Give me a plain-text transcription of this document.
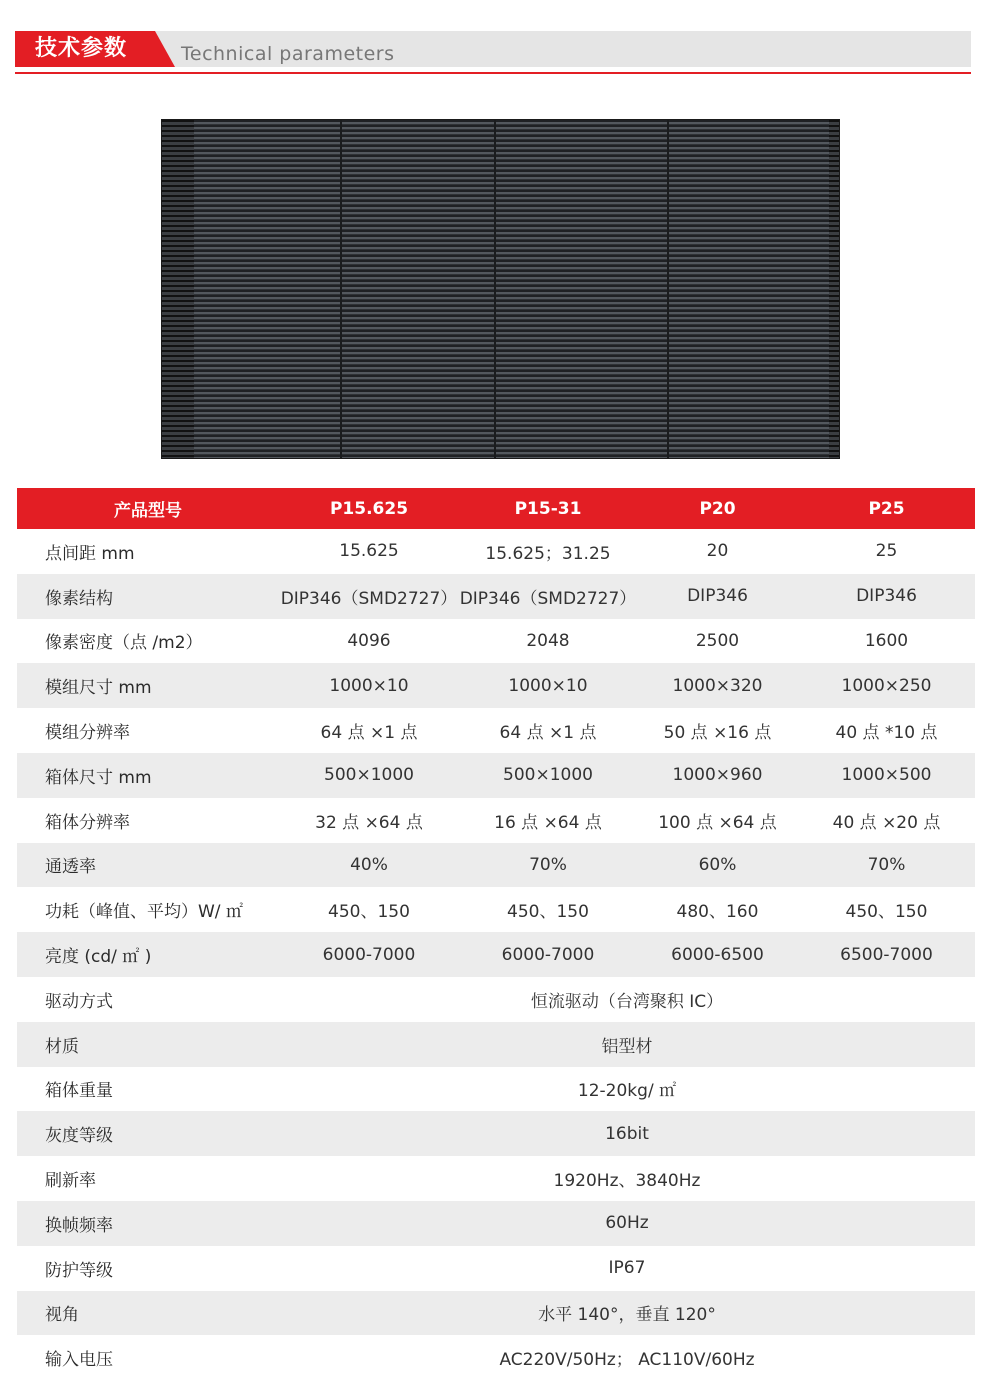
技术参数	Technical parameters
产品型号	P15.625	P15-31	P20	P25
点间距 mm	15.625	15.625；31.25	20	25
像素结构	DIP346（SMD2727）	DIP346（SMD2727）	DIP346	DIP346
像素密度（点 /m2）	4096	2048	2500	1600
模组尺寸 mm	1000×10	1000×10	1000×320	1000×250
模组分辨率	64 点 ×1 点	64 点 ×1 点	50 点 ×16 点	40 点 *10 点
箱体尺寸 mm	500×1000	500×1000	1000×960	1000×500
箱体分辨率	32 点 ×64 点	16 点 ×64 点	100 点 ×64 点	40 点 ×20 点
通透率	40%	70%	60%	70%
功耗（峰值、平均）W/ ㎡	450、150	450、150	480、160	450、150
亮度 (cd/ ㎡ )	6000-7000	6000-7000	6000-6500	6500-7000
驱动方式	恒流驱动（台湾聚积 IC）			
材质	铝型材			
箱体重量	12-20kg/ ㎡			
灰度等级	16bit			
刷新率	1920Hz、3840Hz			
换帧频率	60Hz			
防护等级	IP67			
视角	水平 140°，垂直 120°			
输入电压	AC220V/50Hz； AC110V/60Hz			
